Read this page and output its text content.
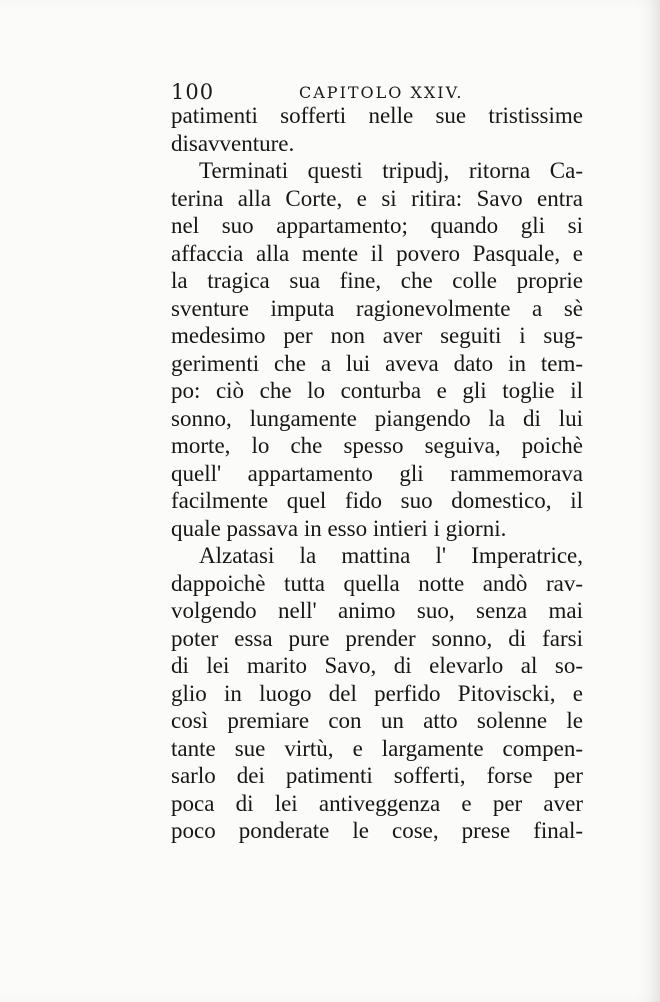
100	CAPITOLO XXIV.
patimenti sofferti nelle sue tristissime
disavventure.
Terminati questi tripudj, ritorna Ca-
terina alla Corte, e si ritira: Savo entra
nel suo appartamento; quando gli si
affaccia alla mente il povero Pasquale, e
la tragica sua fine, che colle proprie
sventure imputa ragionevolmente a sè
medesimo per non aver seguiti i sug-
gerimenti che a lui aveva dato in tem-
po: ciò che lo conturba e gli toglie il
sonno, lungamente piangendo la di lui
morte, lo che spesso seguiva, poichè
quell' appartamento gli rammemorava
facilmente quel fido suo domestico, il
quale passava in esso intieri i giorni.
Alzatasi la mattina l' Imperatrice,
dappoichè tutta quella notte andò rav-
volgendo nell' animo suo, senza mai
poter essa pure prender sonno, di farsi
di lei marito Savo, di elevarlo al so-
glio in luogo del perfido Pitoviscki, e
così premiare con un atto solenne le
tante sue virtù, e largamente compen-
sarlo dei patimenti sofferti, forse per
poca di lei antiveggenza e per aver
poco ponderate le cose, prese final-
